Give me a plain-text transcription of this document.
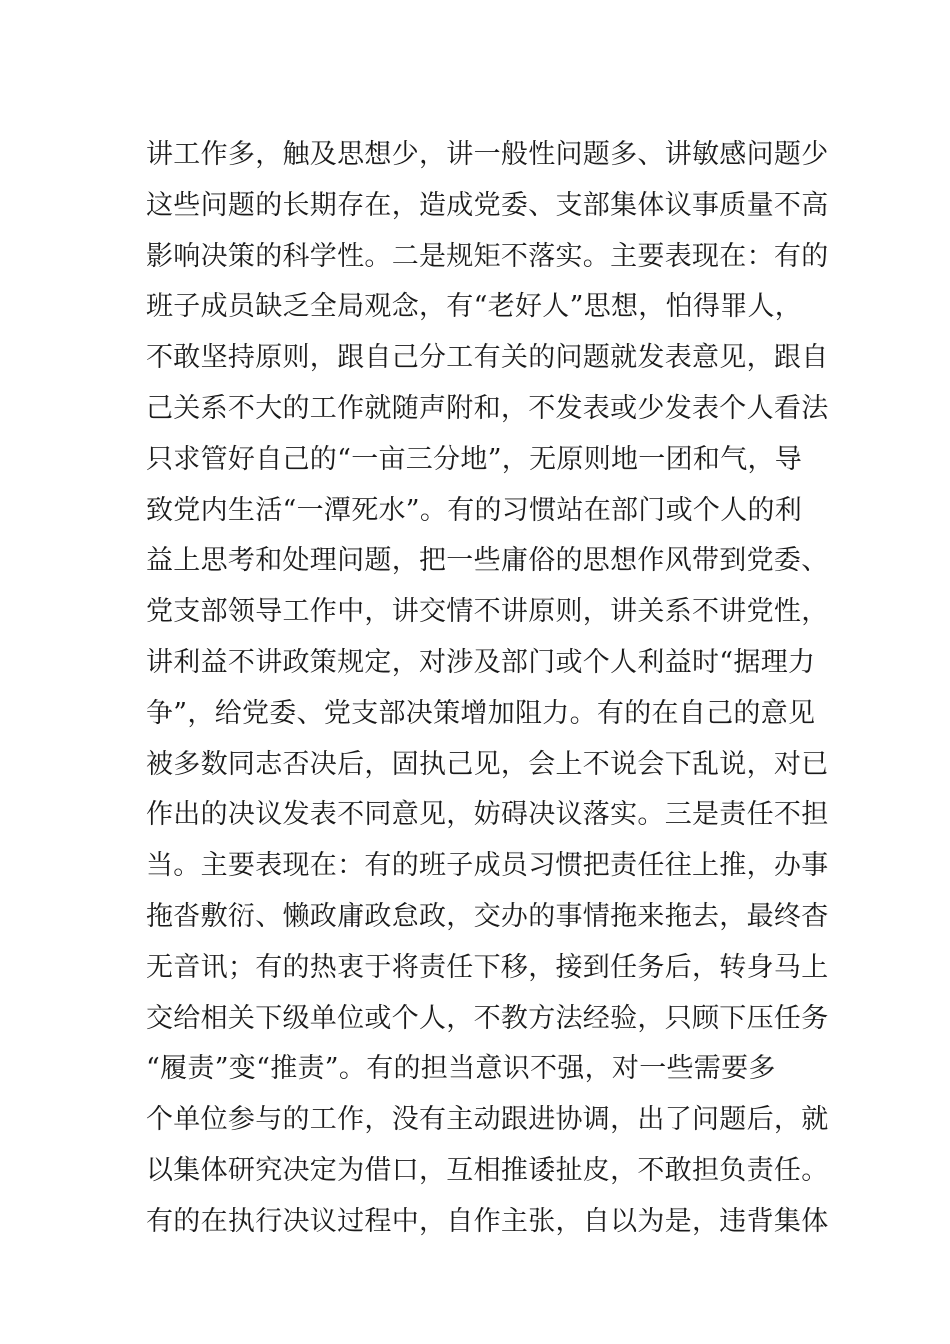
讲工作多，触及思想少，讲一般性问题多、讲敏感问题少
这些问题的长期存在，造成党委、支部集体议事质量不高
影响决策的科学性。二是规矩不落实。主要表现在：有的
班子成员缺乏全局观念，有“老好人”思想，怕得罪人，
不敢坚持原则，跟自己分工有关的问题就发表意见，跟自
己关系不大的工作就随声附和，不发表或少发表个人看法
只求管好自己的“一亩三分地”，无原则地一团和气，导
致党内生活“一潭死水”。有的习惯站在部门或个人的利
益上思考和处理问题，把一些庸俗的思想作风带到党委、
党支部领导工作中，讲交情不讲原则，讲关系不讲党性，
讲利益不讲政策规定，对涉及部门或个人利益时“据理力
争”，给党委、党支部决策增加阻力。有的在自己的意见
被多数同志否决后，固执己见，会上不说会下乱说，对已
作出的决议发表不同意见，妨碍决议落实。三是责任不担
当。主要表现在：有的班子成员习惯把责任往上推，办事
拖沓敷衍、懒政庸政怠政，交办的事情拖来拖去，最终杳
无音讯；有的热衷于将责任下移，接到任务后，转身马上
交给相关下级单位或个人，不教方法经验，只顾下压任务
“履责”变“推责”。有的担当意识不强，对一些需要多
个单位参与的工作，没有主动跟进协调，出了问题后，就
以集体研究决定为借口，互相推诿扯皮，不敢担负责任。
有的在执行决议过程中，自作主张，自以为是，违背集体
